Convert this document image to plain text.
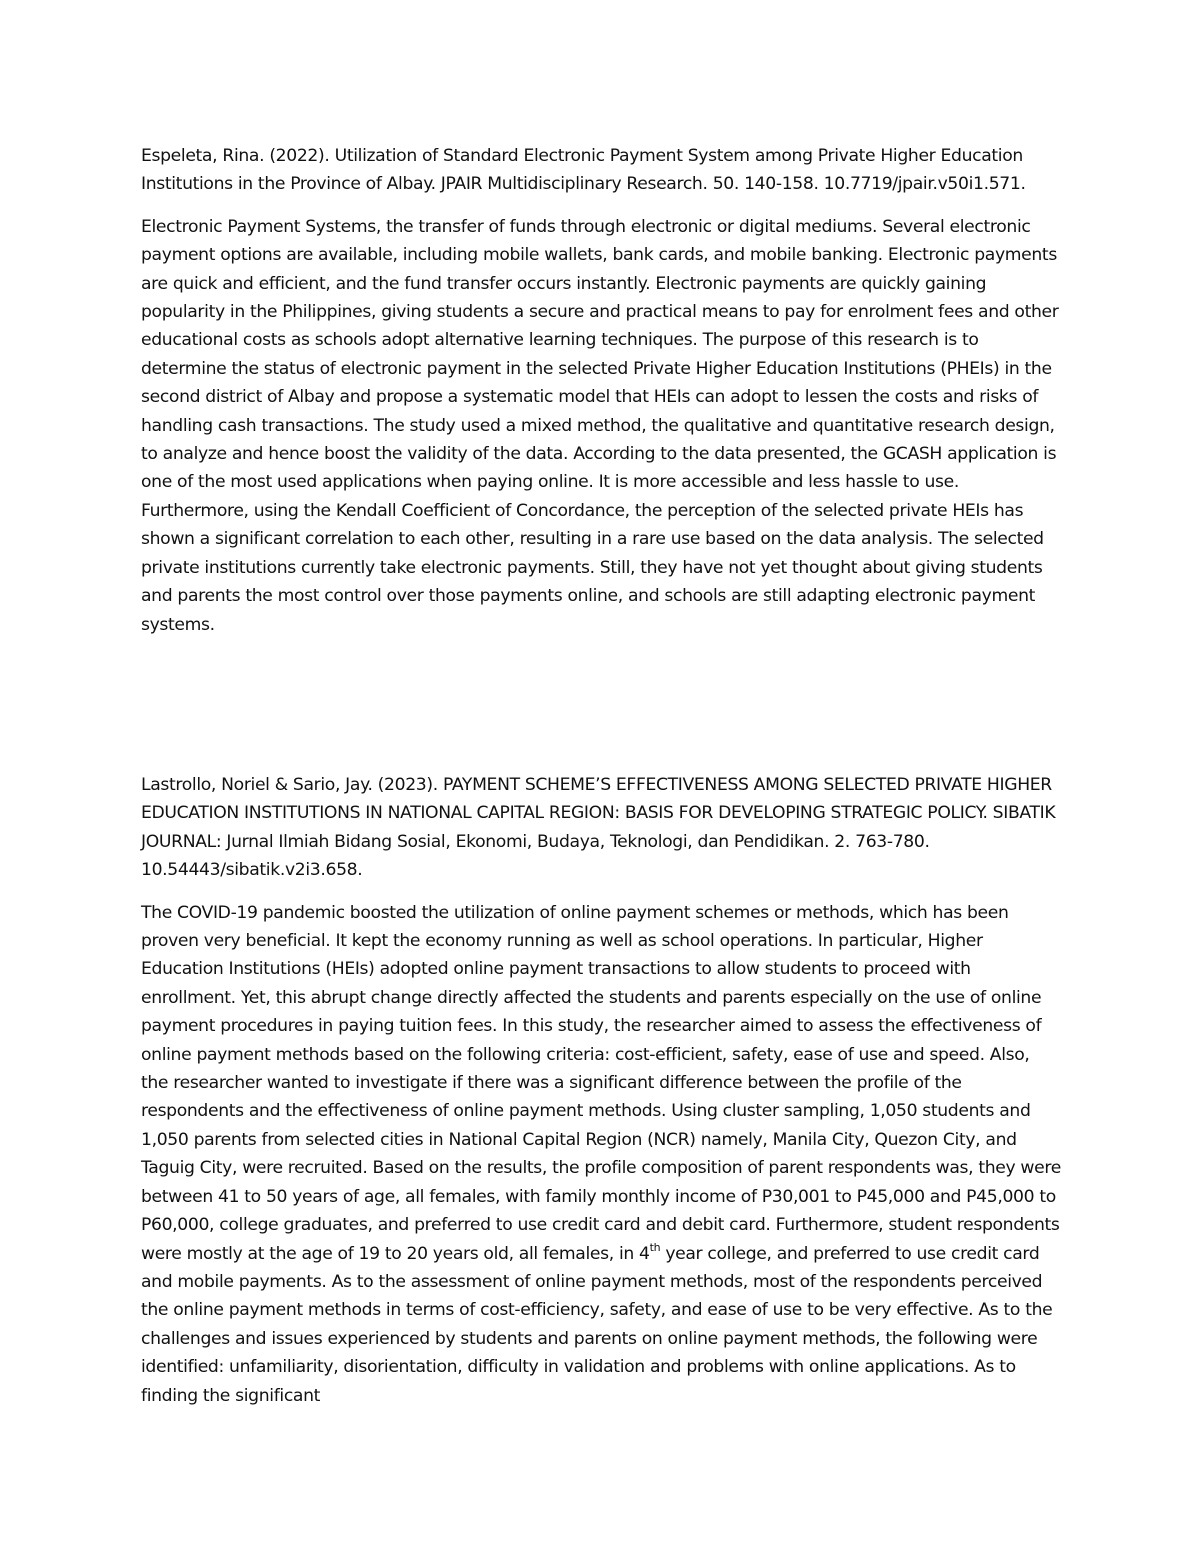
Espeleta, Rina. (2022). Utilization of Standard Electronic Payment System among Private Higher Education Institutions in the Province of Albay. JPAIR Multidisciplinary Research. 50. 140-158. 10.7719/jpair.v50i1.571.

Electronic Payment Systems, the transfer of funds through electronic or digital mediums. Several electronic payment options are available, including mobile wallets, bank cards, and mobile banking. Electronic payments are quick and efficient, and the fund transfer occurs instantly. Electronic payments are quickly gaining popularity in the Philippines, giving students a secure and practical means to pay for enrolment fees and other educational costs as schools adopt alternative learning techniques. The purpose of this research is to determine the status of electronic payment in the selected Private Higher Education Institutions (PHEIs) in the second district of Albay and propose a systematic model that HEIs can adopt to lessen the costs and risks of handling cash transactions. The study used a mixed method, the qualitative and quantitative research design, to analyze and hence boost the validity of the data. According to the data presented, the GCASH application is one of the most used applications when paying online. It is more accessible and less hassle to use. Furthermore, using the Kendall Coefficient of Concordance, the perception of the selected private HEIs has shown a significant correlation to each other, resulting in a rare use based on the data analysis. The selected private institutions currently take electronic payments. Still, they have not yet thought about giving students and parents the most control over those payments online, and schools are still adapting electronic payment systems.

Lastrollo, Noriel & Sario, Jay. (2023). PAYMENT SCHEME’S EFFECTIVENESS AMONG SELECTED PRIVATE HIGHER EDUCATION INSTITUTIONS IN NATIONAL CAPITAL REGION: BASIS FOR DEVELOPING STRATEGIC POLICY. SIBATIK JOURNAL: Jurnal Ilmiah Bidang Sosial, Ekonomi, Budaya, Teknologi, dan Pendidikan. 2. 763-780. 10.54443/sibatik.v2i3.658.

The COVID-19 pandemic boosted the utilization of online payment schemes or methods, which has been proven very beneficial. It kept the economy running as well as school operations. In particular, Higher Education Institutions (HEIs) adopted online payment transactions to allow students to proceed with enrollment. Yet, this abrupt change directly affected the students and parents especially on the use of online payment procedures in paying tuition fees. In this study, the researcher aimed to assess the effectiveness of online payment methods based on the following criteria: cost-efficient, safety, ease of use and speed. Also, the researcher wanted to investigate if there was a significant difference between the profile of the respondents and the effectiveness of online payment methods. Using cluster sampling, 1,050 students and 1,050 parents from selected cities in National Capital Region (NCR) namely, Manila City, Quezon City, and Taguig City, were recruited. Based on the results, the profile composition of parent respondents was, they were between 41 to 50 years of age, all females, with family monthly income of P30,001 to P45,000 and P45,000 to P60,000, college graduates, and preferred to use credit card and debit card. Furthermore, student respondents were mostly at the age of 19 to 20 years old, all females, in 4th year college, and preferred to use credit card and mobile payments. As to the assessment of online payment methods, most of the respondents perceived the online payment methods in terms of cost-efficiency, safety, and ease of use to be very effective. As to the challenges and issues experienced by students and parents on online payment methods, the following were identified: unfamiliarity, disorientation, difficulty in validation and problems with online applications. As to finding the significant
